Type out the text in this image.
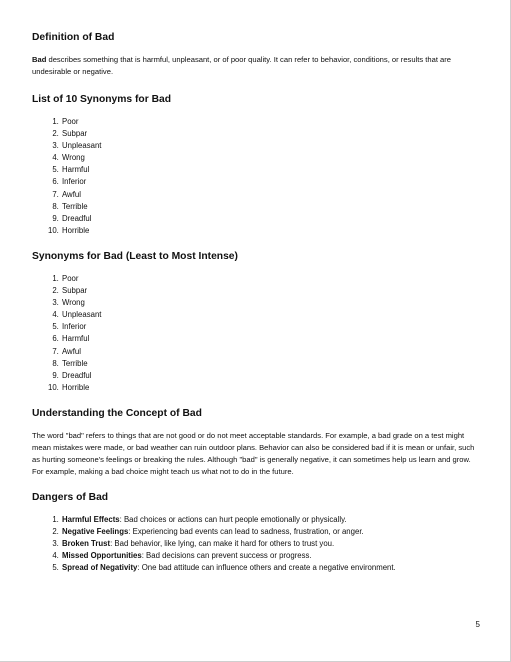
Definition of Bad

Bad describes something that is harmful, unpleasant, or of poor quality. It can refer to behavior, conditions, or results that are undesirable or negative.

List of 10 Synonyms for Bad
1. Poor
2. Subpar
3. Unpleasant
4. Wrong
5. Harmful
6. Inferior
7. Awful
8. Terrible
9. Dreadful
10. Horrible
Synonyms for Bad (Least to Most Intense)
1. Poor
2. Subpar
3. Wrong
4. Unpleasant
5. Inferior
6. Harmful
7. Awful
8. Terrible
9. Dreadful
10. Horrible
Understanding the Concept of Bad

The word "bad" refers to things that are not good or do not meet acceptable standards. For example, a bad grade on a test might mean mistakes were made, or bad weather can ruin outdoor plans. Behavior can also be considered bad if it is mean or unfair, such as hurting someone's feelings or breaking the rules. Although "bad" is generally negative, it can sometimes help us learn and grow. For example, making a bad choice might teach us what not to do in the future.

Dangers of Bad
1. Harmful Effects: Bad choices or actions can hurt people emotionally or physically.
2. Negative Feelings: Experiencing bad events can lead to sadness, frustration, or anger.
3. Broken Trust: Bad behavior, like lying, can make it hard for others to trust you.
4. Missed Opportunities: Bad decisions can prevent success or progress.
5. Spread of Negativity: One bad attitude can influence others and create a negative environment.
5
